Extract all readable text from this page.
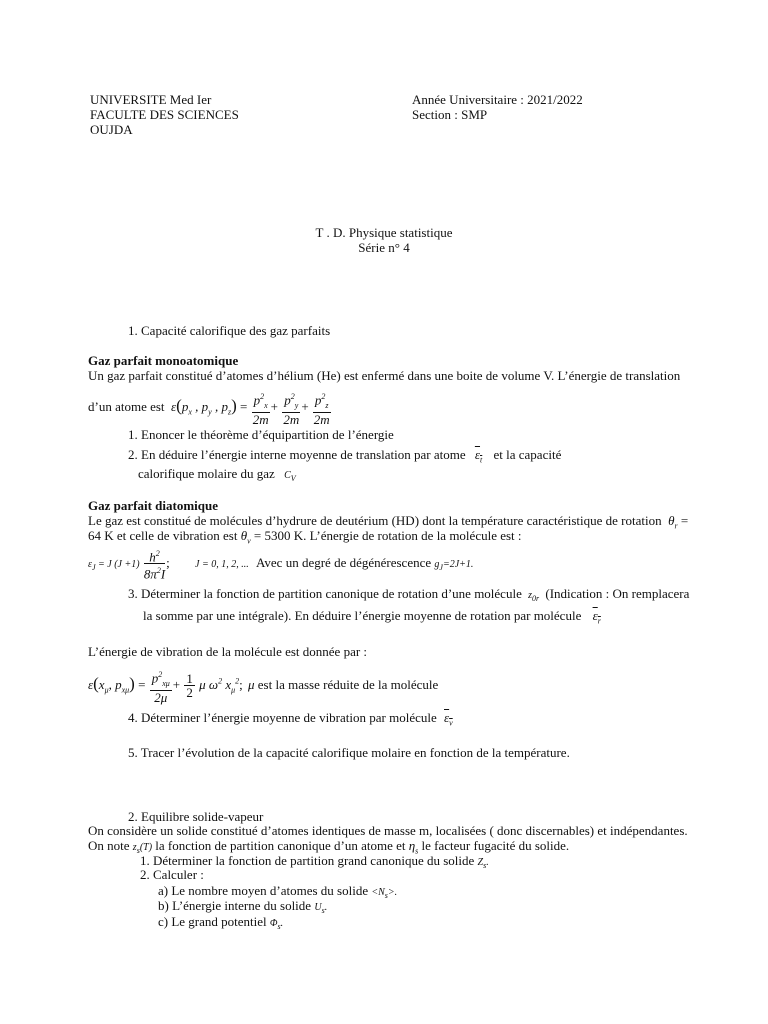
UNIVERSITE Med Ier
FACULTE DES SCIENCES
OUJDA
Année Universitaire : 2021/2022
Section : SMP
T . D. Physique statistique
Série n° 4
1. Capacité calorifique des gaz parfaits
Gaz parfait monoatomique
Un gaz parfait constitué d’atomes d’hélium (He) est enfermé dans une boite de volume V. L’énergie de translation
d’un atome est  $\varepsilon(p_x$ , $p_y$ , $p_z) = \frac{p^2_x}{2m} + \frac{p^2_y}{2m} + \frac{p^2_z}{2m}$
1. Enoncer le théorème d’équipartition de l’énergie
2. En déduire l’énergie interne moyenne de translation par atome $\varepsilon_t$ et la capacité
calorifique molaire du gaz $C_V$
Gaz parfait diatomique
Le gaz est constitué de molécules d’hydrure de deutérium (HD) dont la température caractéristique de rotation  $\theta_r$ =
64 K et celle de vibration est $\theta_v = 5300$ K. L’énergie de rotation de la molécule est :
$\varepsilon_J = J$ $(J +1) \frac{h^2}{8\pi^2I}$ ; J = 0, 1, 2, ... Avec un degré de dégénérescence $g_J=2J+1$.
3. Déterminer la fonction de partition canonique de rotation d’une molécule $z_{0r}$ (Indication : On remplacera
la somme par une intégrale). En déduire l’énergie moyenne de rotation par molécule $\varepsilon_r$
L’énergie de vibration de la molécule est donnée par :
$\varepsilon(x_\mu$, $p_{x\mu}) = \frac{p^2_{x\mu}}{2\mu} + \frac{1}{2}$ μ $\omega^2$ $x_\mu^2$; μ est la masse réduite de la molécule
4. Déterminer l’énergie moyenne de vibration par molécule $\varepsilon_v$
5. Tracer l’évolution de la capacité calorifique molaire en fonction de la température.
2. Equilibre solide-vapeur
On considère un solide constitué d’atomes identiques de masse m, localisées ( donc discernables) et indépendantes.
On note $z_s(T)$ la fonction de partition canonique d’un atome et $\eta_s$ le facteur fugacité du solide.
1. Déterminer la fonction de partition grand canonique du solide $Z_s$.
2. Calculer :
a) Le nombre moyen d’atomes du solide $<N_s>$.
b) L’énergie interne du solide $U_s$.
c) Le grand potentiel $\Phi_s$.
